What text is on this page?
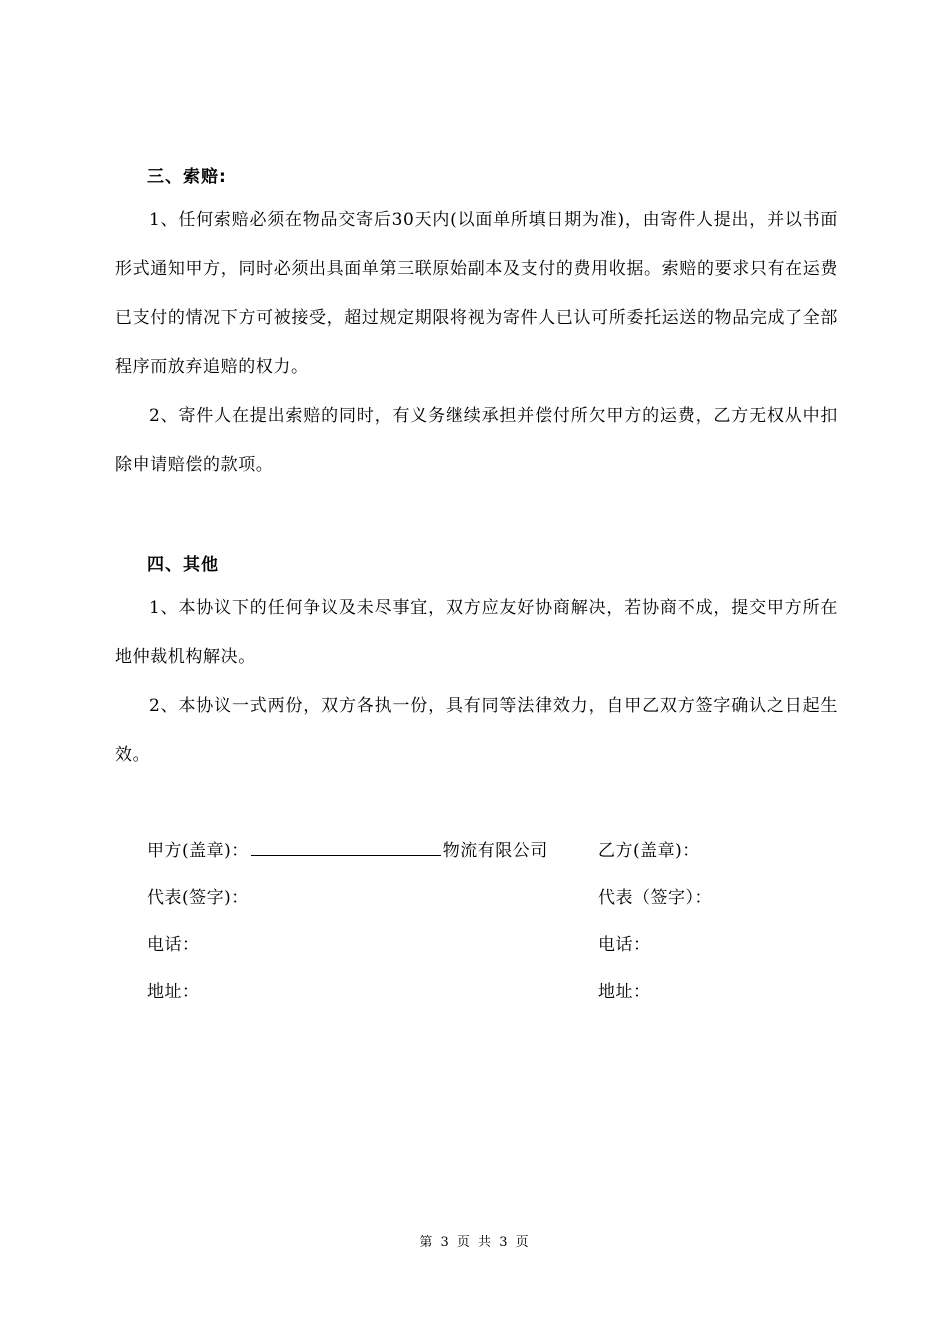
三、索赔:
1、任何索赔必须在物品交寄后30天内(以面单所填日期为准)，由寄件人提出，并以书面形式通知甲方，同时必须出具面单第三联原始副本及支付的费用收据。索赔的要求只有在运费已支付的情况下方可被接受，超过规定期限将视为寄件人已认可所委托运送的物品完成了全部程序而放弃追赔的权力。
2、寄件人在提出索赔的同时，有义务继续承担并偿付所欠甲方的运费，乙方无权从中扣除申请赔偿的款项。
四、其他
1、本协议下的任何争议及未尽事宜，双方应友好协商解决，若协商不成，提交甲方所在地仲裁机构解决。
2、本协议一式两份，双方各执一份，具有同等法律效力，自甲乙双方签字确认之日起生效。
甲方(盖章)：	物流有限公司
代表(签字)：
电话：
地址：
乙方(盖章)：
代表（签字）：
电话：
地址：
第 3 页 共 3 页
